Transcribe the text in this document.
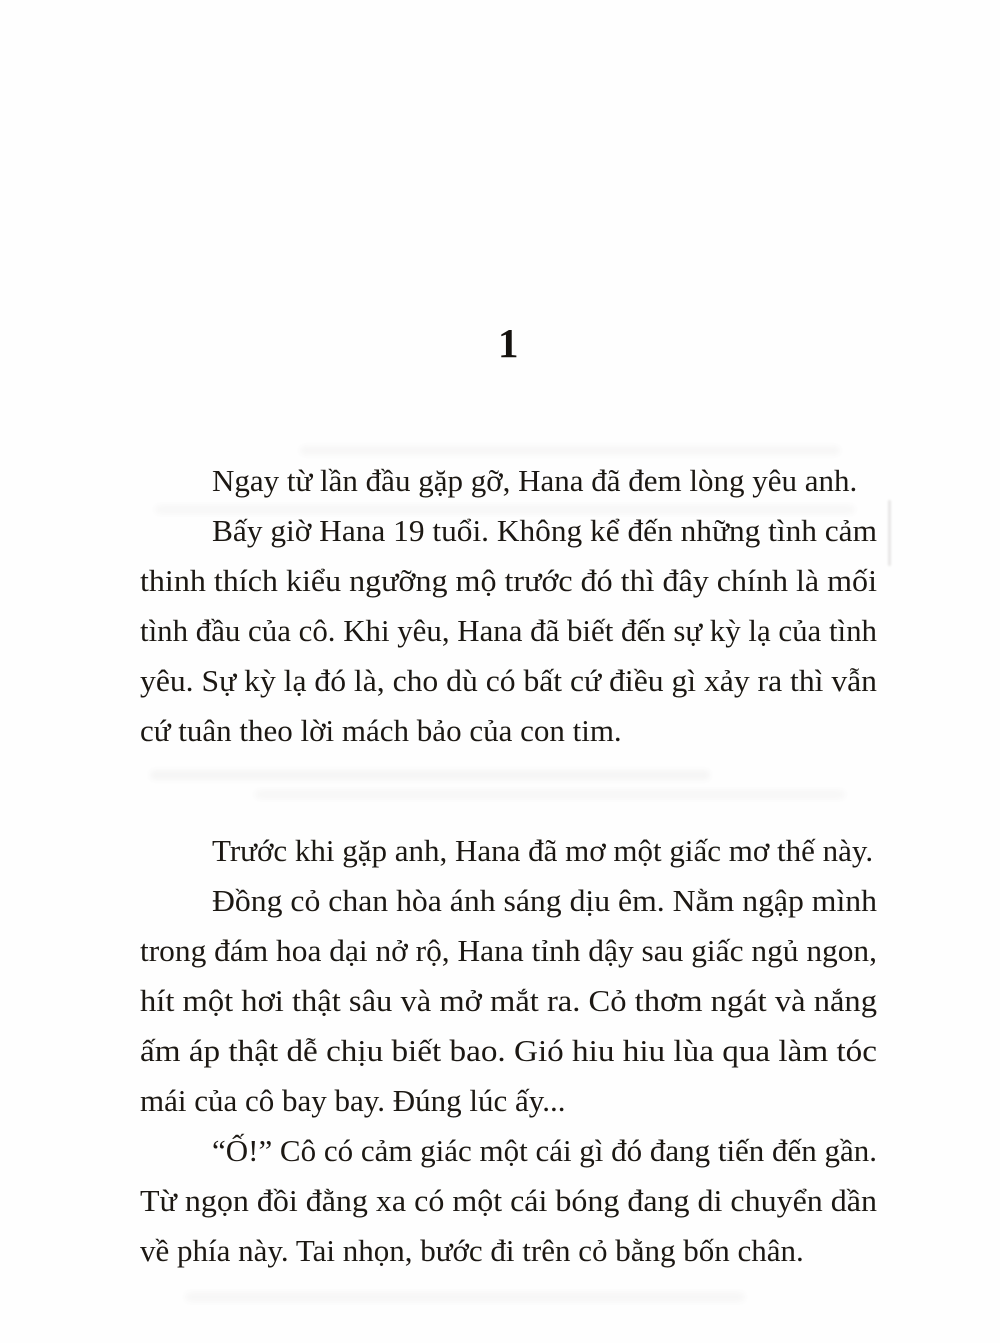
1
Ngay từ lần đầu gặp gỡ, Hana đã đem lòng yêu anh.
Bấy giờ Hana 19 tuổi. Không kể đến những tình cảm
thinh thích kiểu ngưỡng mộ trước đó thì đây chính là mối
tình đầu của cô. Khi yêu, Hana đã biết đến sự kỳ lạ của tình
yêu. Sự kỳ lạ đó là, cho dù có bất cứ điều gì xảy ra thì vẫn
cứ tuân theo lời mách bảo của con tim.
Trước khi gặp anh, Hana đã mơ một giấc mơ thế này.
Đồng cỏ chan hòa ánh sáng dịu êm. Nằm ngập mình
trong đám hoa dại nở rộ, Hana tỉnh dậy sau giấc ngủ ngon,
hít một hơi thật sâu và mở mắt ra. Cỏ thơm ngát và nắng
ấm áp thật dễ chịu biết bao. Gió hiu hiu lùa qua làm tóc
mái của cô bay bay. Đúng lúc ấy...
“Ố!” Cô có cảm giác một cái gì đó đang tiến đến gần.
Từ ngọn đồi đằng xa có một cái bóng đang di chuyển dần
về phía này. Tai nhọn, bước đi trên cỏ bằng bốn chân.
